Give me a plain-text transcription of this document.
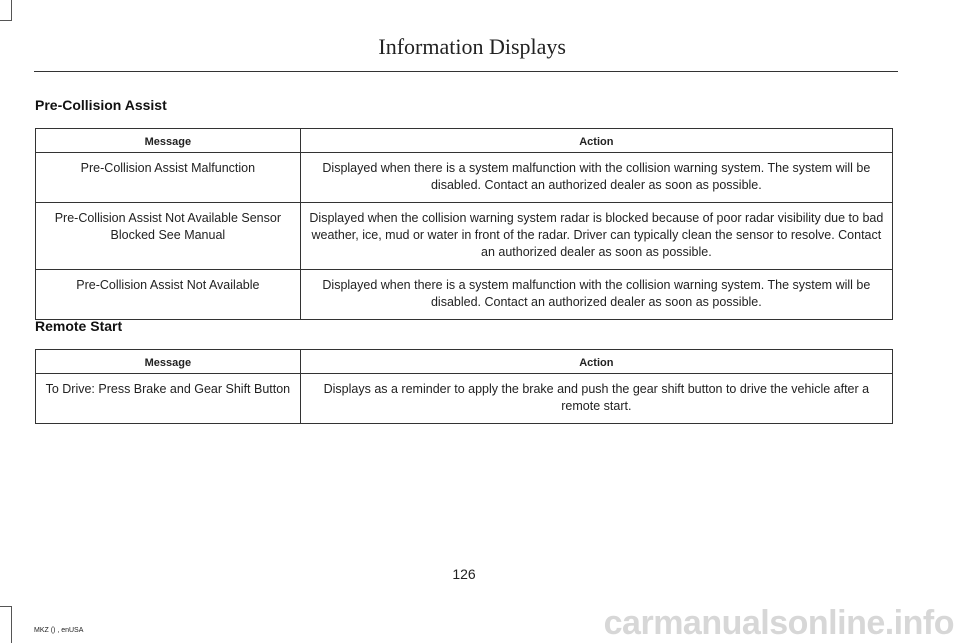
Information Displays
Pre-Collision Assist
Message	Action
Pre-Collision Assist Malfunction	Displayed when there is a system malfunction with the collision warning system. The system will be disabled. Contact an authorized dealer as soon as possible.
Pre-Collision Assist Not Available Sensor Blocked See Manual	Displayed when the collision warning system radar is blocked because of poor radar visibility due to bad weather, ice, mud or water in front of the radar. Driver can typically clean the sensor to resolve. Contact an authorized dealer as soon as possible.
Pre-Collision Assist Not Available	Displayed when there is a system malfunction with the collision warning system. The system will be disabled. Contact an authorized dealer as soon as possible.
Remote Start
Message	Action
To Drive: Press Brake and Gear Shift Button	Displays as a reminder to apply the brake and push the gear shift button to drive the vehicle after a remote start.
126
MKZ () , enUSA	carmanualsonline.info
